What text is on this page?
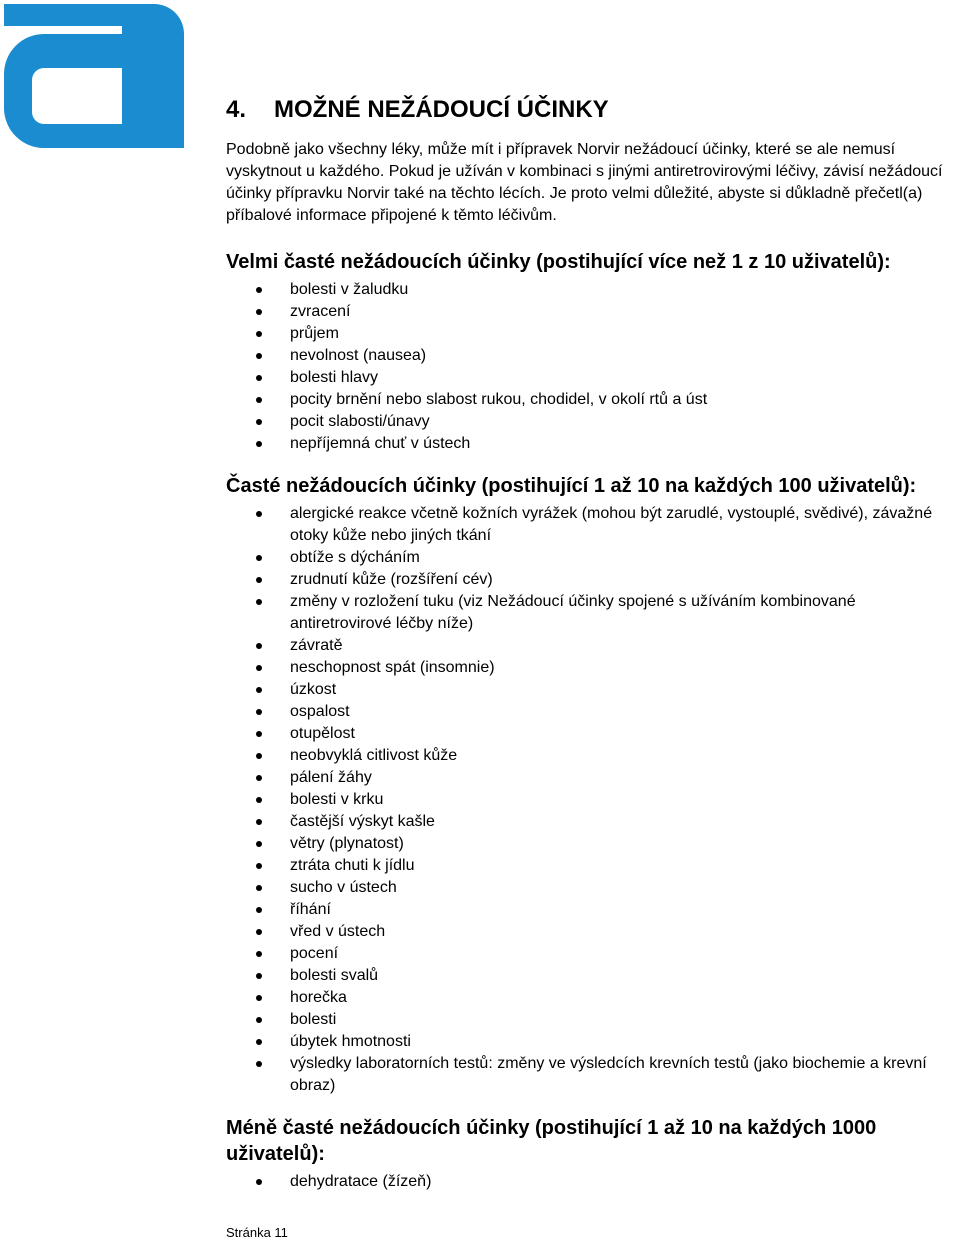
4. MOŽNÉ NEŽÁDOUCÍ ÚČINKY

Podobně jako všechny léky, může mít i přípravek Norvir nežádoucí účinky, které se ale nemusí vyskytnout u každého. Pokud je užíván v kombinaci s jinými antiretrovirovými léčivy, závisí nežádoucí účinky přípravku Norvir také na těchto lécích. Je proto velmi důležité, abyste si důkladně přečetl(a) příbalové informace připojené k těmto léčivům.

Velmi časté nežádoucích účinky (postihující více než 1 z 10 uživatelů):
bolesti v žaludku
zvracení
průjem
nevolnost (nausea)
bolesti hlavy
pocity brnění nebo slabost rukou, chodidel, v okolí rtů a úst
pocit slabosti/únavy
nepříjemná chuť v ústech
Časté nežádoucích účinky (postihující 1 až 10 na každých 100 uživatelů):
alergické reakce včetně kožních vyrážek (mohou být zarudlé, vystouplé, svědivé), závažné otoky kůže nebo jiných tkání
obtíže s dýcháním
zrudnutí kůže (rozšíření cév)
změny v rozložení tuku (viz Nežádoucí účinky spojené s užíváním kombinované antiretrovirové léčby níže)
závratě
neschopnost spát (insomnie)
úzkost
ospalost
otupělost
neobvyklá citlivost kůže
pálení žáhy
bolesti v krku
častější výskyt kašle
větry (plynatost)
ztráta chuti k jídlu
sucho v ústech
říhání
vřed v ústech
pocení
bolesti svalů
horečka
bolesti
úbytek hmotnosti
výsledky laboratorních testů: změny ve výsledcích krevních testů (jako biochemie a krevní obraz)
Méně časté nežádoucích účinky (postihující 1 až 10 na každých 1000 uživatelů):
dehydratace (žízeň)
Stránka 11
